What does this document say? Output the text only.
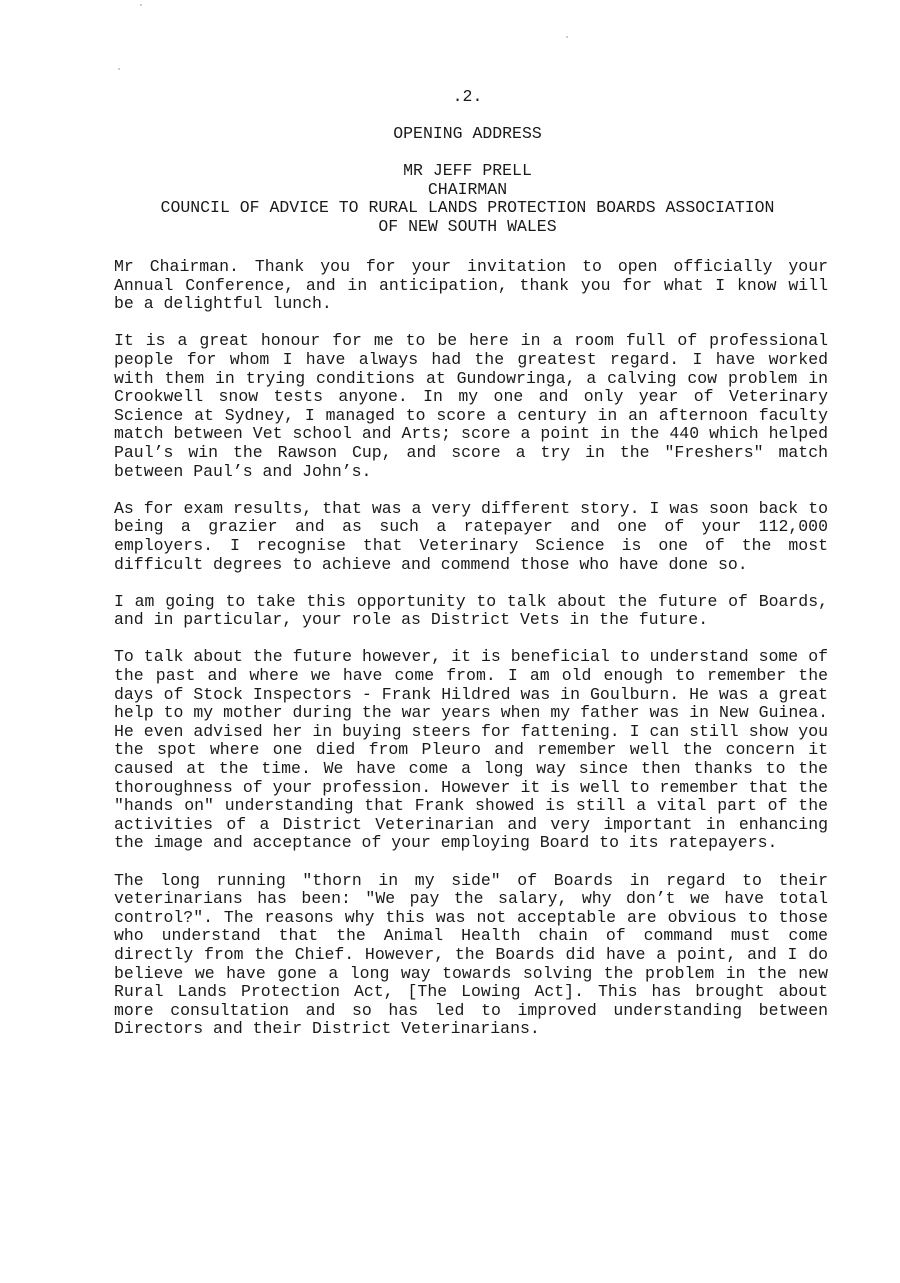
.2.
OPENING ADDRESS
MR JEFF PRELL
CHAIRMAN
COUNCIL OF ADVICE TO RURAL LANDS PROTECTION BOARDS ASSOCIATION
OF NEW SOUTH WALES

Mr Chairman. Thank you for your invitation to open officially your Annual Conference, and in anticipation, thank you for what I know will be a delightful lunch.

It is a great honour for me to be here in a room full of professional people for whom I have always had the greatest regard. I have worked with them in trying conditions at Gundowringa, a calving cow problem in Crookwell snow tests anyone. In my one and only year of Veterinary Science at Sydney, I managed to score a century in an afternoon faculty match between Vet school and Arts; score a point in the 440 which helped Paul’s win the Rawson Cup, and score a try in the "Freshers" match between Paul’s and John’s.

As for exam results, that was a very different story. I was soon back to being a grazier and as such a ratepayer and one of your 112,000 employers. I recognise that Veterinary Science is one of the most difficult degrees to achieve and commend those who have done so.

I am going to take this opportunity to talk about the future of Boards, and in particular, your role as District Vets in the future.

To talk about the future however, it is beneficial to understand some of the past and where we have come from. I am old enough to remember the days of Stock Inspectors - Frank Hildred was in Goulburn. He was a great help to my mother during the war years when my father was in New Guinea. He even advised her in buying steers for fattening. I can still show you the spot where one died from Pleuro and remember well the concern it caused at the time. We have come a long way since then thanks to the thoroughness of your profession. However it is well to remember that the "hands on" understanding that Frank showed is still a vital part of the activities of a District Veterinarian and very important in enhancing the image and acceptance of your employing Board to its ratepayers.

The long running "thorn in my side" of Boards in regard to their veterinarians has been: "We pay the salary, why don’t we have total control?". The reasons why this was not acceptable are obvious to those who understand that the Animal Health chain of command must come directly from the Chief. However, the Boards did have a point, and I do believe we have gone a long way towards solving the problem in the new Rural Lands Protection Act, [The Lowing Act]. This has brought about more consultation and so has led to improved understanding between Directors and their District Veterinarians.
